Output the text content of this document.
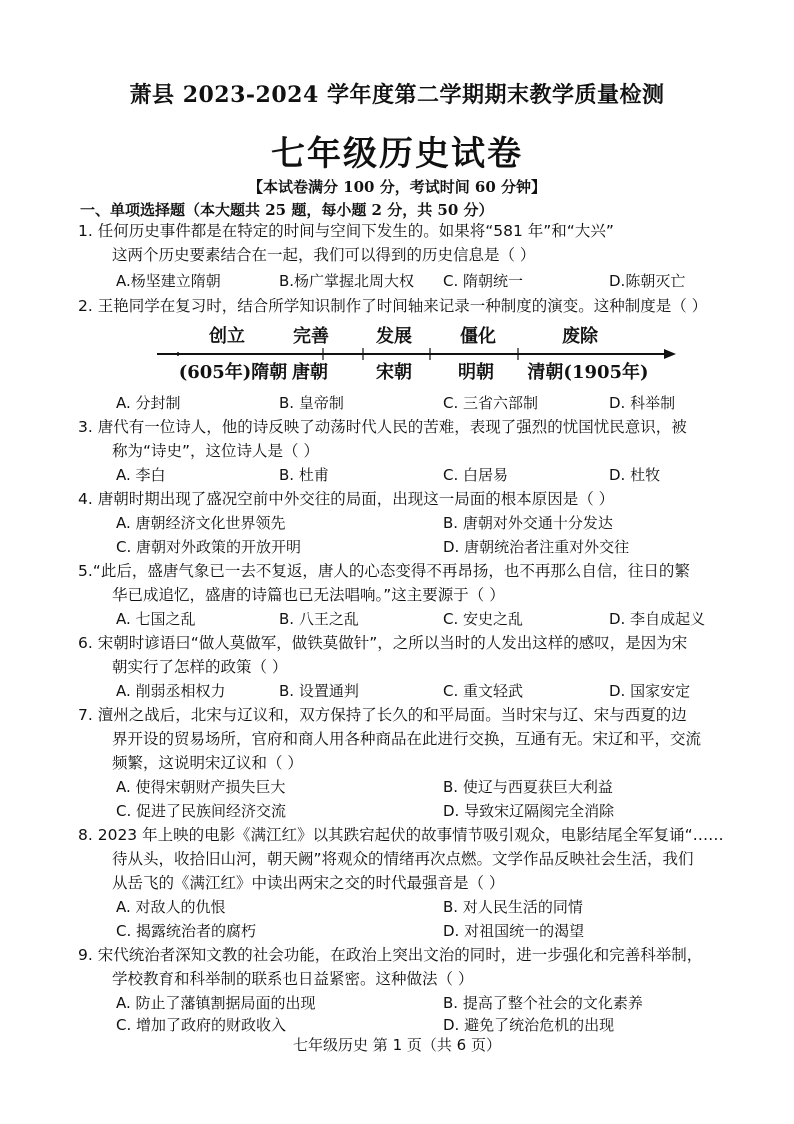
萧县 2023-2024 学年度第二学期期末教学质量检测
七年级历史试卷
【本试卷满分 100 分，考试时间 60 分钟】
一、单项选择题（本大题共 25 题，每小题 2 分，共 50 分）
1. 任何历史事件都是在特定的时间与空间下发生的。如果将“581 年”和“大兴”
这两个历史要素结合在一起，我们可以得到的历史信息是（ ）
A.杨坚建立隋朝	B.杨广掌握北周大权 C. 隋朝统一	D.陈朝灭亡
2. 王艳同学在复习时，结合所学知识制作了时间轴来记录一种制度的演变。这种制度是（ ）
创立	完善	发展	僵化	废除
(605年)隋朝 唐朝	宋朝	明朝 清朝(1905年)
A. 分封制	B. 皇帝制	C. 三省六部制	D. 科举制
3. 唐代有一位诗人，他的诗反映了动荡时代人民的苦难，表现了强烈的忧国忧民意识，被
称为“诗史”，这位诗人是（ ）
A. 李白	B. 杜甫	C. 白居易	D. 杜牧
4. 唐朝时期出现了盛况空前中外交往的局面，出现这一局面的根本原因是（ ）
A. 唐朝经济文化世界领先	B. 唐朝对外交通十分发达
C. 唐朝对外政策的开放开明	D. 唐朝统治者注重对外交往
5.“此后，盛唐气象已一去不复返，唐人的心态变得不再昂扬，也不再那么自信，往日的繁
华已成追忆，盛唐的诗篇也已无法唱响。”这主要源于（ ）
A. 七国之乱	B. 八王之乱	C. 安史之乱	D. 李自成起义
6. 宋朝时谚语曰“做人莫做军，做铁莫做针”，之所以当时的人发出这样的感叹，是因为宋
朝实行了怎样的政策（ ）
A. 削弱丞相权力	B. 设置通判	C. 重文轻武	D. 国家安定
7. 澶州之战后，北宋与辽议和，双方保持了长久的和平局面。当时宋与辽、宋与西夏的边
界开设的贸易场所，官府和商人用各种商品在此进行交换，互通有无。宋辽和平，交流
频繁，这说明宋辽议和（ ）
A. 使得宋朝财产损失巨大	B. 使辽与西夏获巨大利益
C. 促进了民族间经济交流	D. 导致宋辽隔阂完全消除
8. 2023 年上映的电影《满江红》以其跌宕起伏的故事情节吸引观众，电影结尾全军复诵“……
待从头，收拾旧山河，朝天阙”将观众的情绪再次点燃。文学作品反映社会生活，我们
从岳飞的《满江红》中读出两宋之交的时代最强音是（ ）
A. 对敌人的仇恨	B. 对人民生活的同情
C. 揭露统治者的腐朽	D. 对祖国统一的渴望
9. 宋代统治者深知文教的社会功能，在政治上突出文治的同时，进一步强化和完善科举制，
学校教育和科举制的联系也日益紧密。这种做法（ ）
A. 防止了藩镇割据局面的出现	B. 提高了整个社会的文化素养
C. 增加了政府的财政收入	D. 避免了统治危机的出现
七年级历史 第 1 页（共 6 页）
